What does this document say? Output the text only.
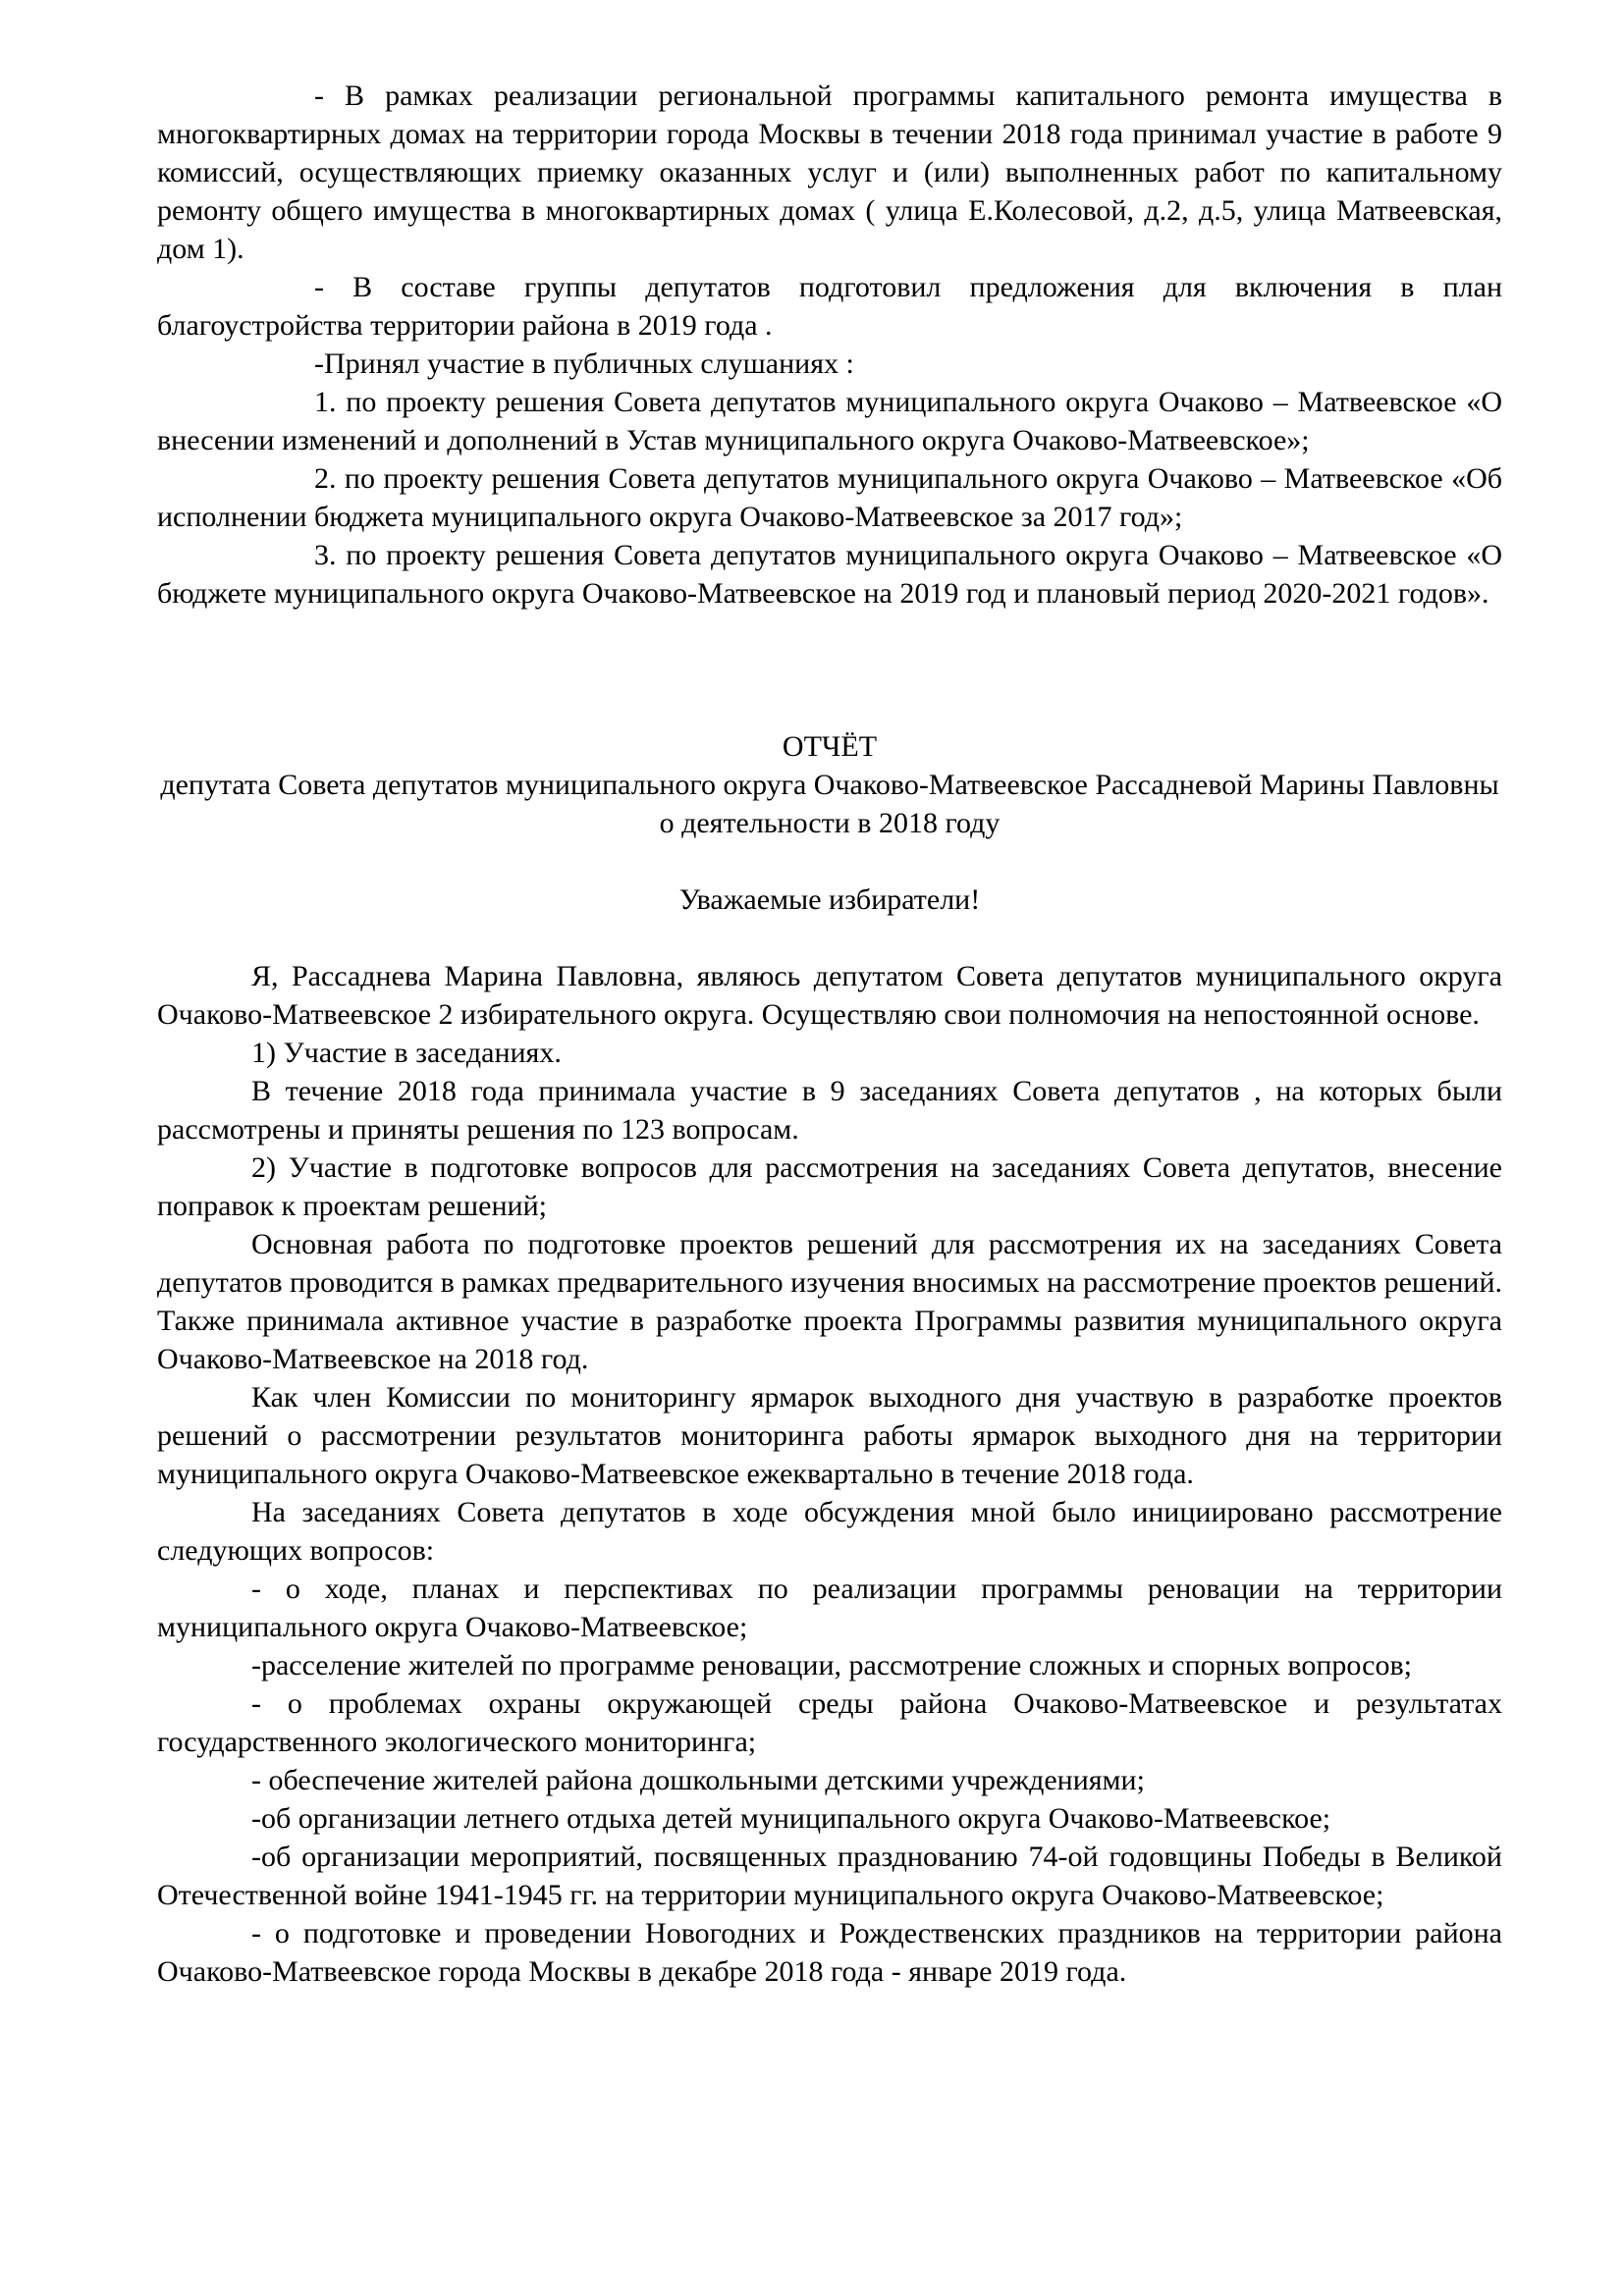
- В рамках реализации региональной программы капитального ремонта имущества в многоквартирных домах на территории города Москвы в течении 2018 года принимал участие в работе 9 комиссий, осуществляющих приемку оказанных услуг и (или) выполненных работ по капитальному ремонту общего имущества в многоквартирных домах ( улица Е.Колесовой, д.2, д.5, улица Матвеевская, дом 1).

- В составе группы депутатов подготовил предложения для включения в план благоустройства территории района в 2019 года .

-Принял участие в публичных слушаниях :

1. по проекту решения Совета депутатов муниципального округа Очаково – Матвеевское «О внесении изменений и дополнений в Устав муниципального округа Очаково-Матвеевское»;

2. по проекту решения Совета депутатов муниципального округа Очаково – Матвеевское «Об исполнении бюджета муниципального округа Очаково-Матвеевское за 2017 год»;

3. по проекту решения Совета депутатов муниципального округа Очаково – Матвеевское «О бюджете муниципального округа Очаково-Матвеевское на 2019 год и плановый период 2020-2021 годов».

ОТЧЁТ

депутата Совета депутатов муниципального округа Очаково-Матвеевское Рассадневой Марины Павловны

о деятельности в 2018 году

Уважаемые избиратели!

Я, Рассаднева Марина Павловна, являюсь депутатом Совета депутатов муниципального округа Очаково-Матвеевское 2 избирательного округа. Осуществляю свои полномочия на непостоянной основе.

1) Участие в заседаниях.

В течение 2018 года принимала участие в 9 заседаниях Совета депутатов , на которых были рассмотрены и приняты решения по 123 вопросам.

2) Участие в подготовке вопросов для рассмотрения на заседаниях Совета депутатов, внесение поправок к проектам решений;

Основная работа по подготовке проектов решений для рассмотрения их на заседаниях Совета депутатов проводится в рамках предварительного изучения вносимых на рассмотрение проектов решений. Также принимала активное участие в разработке проекта Программы развития муниципального округа Очаково-Матвеевское на 2018 год.

Как член Комиссии по мониторингу ярмарок выходного дня участвую в разработке проектов решений о рассмотрении результатов мониторинга работы ярмарок выходного дня на территории муниципального округа Очаково-Матвеевское ежеквартально в течение 2018 года.

На заседаниях Совета депутатов в ходе обсуждения мной было инициировано рассмотрение следующих вопросов:

- о ходе, планах и перспективах по реализации программы реновации на территории муниципального округа Очаково-Матвеевское;

-расселение жителей по программе реновации, рассмотрение сложных и спорных вопросов;

- о проблемах охраны окружающей среды района Очаково-Матвеевское и результатах государственного экологического мониторинга;

- обеспечение жителей района дошкольными детскими учреждениями;

-об организации летнего отдыха детей муниципального округа Очаково-Матвеевское;

-об организации мероприятий, посвященных празднованию 74-ой годовщины Победы в Великой Отечественной войне 1941-1945 гг. на территории муниципального округа Очаково-Матвеевское;

- о подготовке и проведении Новогодних и Рождественских праздников на территории района Очаково-Матвеевское города Москвы в декабре 2018 года - январе 2019 года.
